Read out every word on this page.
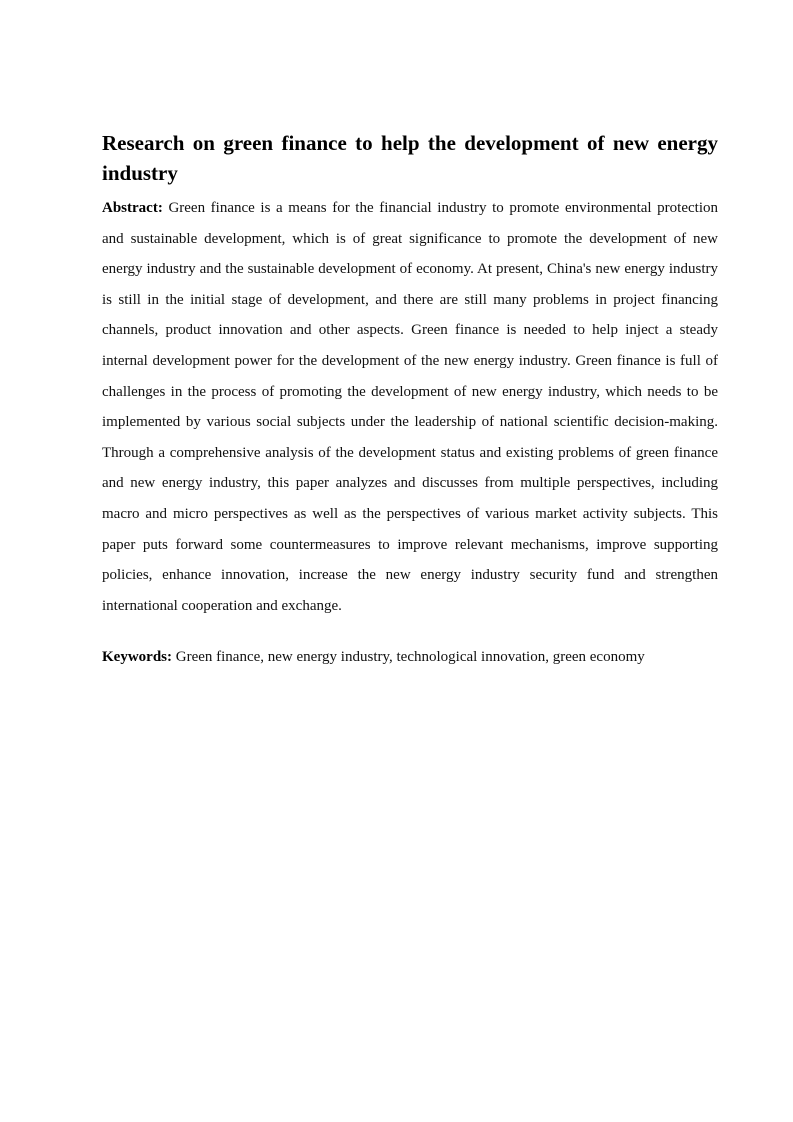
Research on green finance to help the development of new energy industry

Abstract: Green finance is a means for the financial industry to promote environmental protection and sustainable development, which is of great significance to promote the development of new energy industry and the sustainable development of economy. At present, China's new energy industry is still in the initial stage of development, and there are still many problems in project financing channels, product innovation and other aspects. Green finance is needed to help inject a steady internal development power for the development of the new energy industry. Green finance is full of challenges in the process of promoting the development of new energy industry, which needs to be implemented by various social subjects under the leadership of national scientific decision-making. Through a comprehensive analysis of the development status and existing problems of green finance and new energy industry, this paper analyzes and discusses from multiple perspectives, including macro and micro perspectives as well as the perspectives of various market activity subjects. This paper puts forward some countermeasures to improve relevant mechanisms, improve supporting policies, enhance innovation, increase the new energy industry security fund and strengthen international cooperation and exchange.

Keywords: Green finance, new energy industry, technological innovation, green economy
